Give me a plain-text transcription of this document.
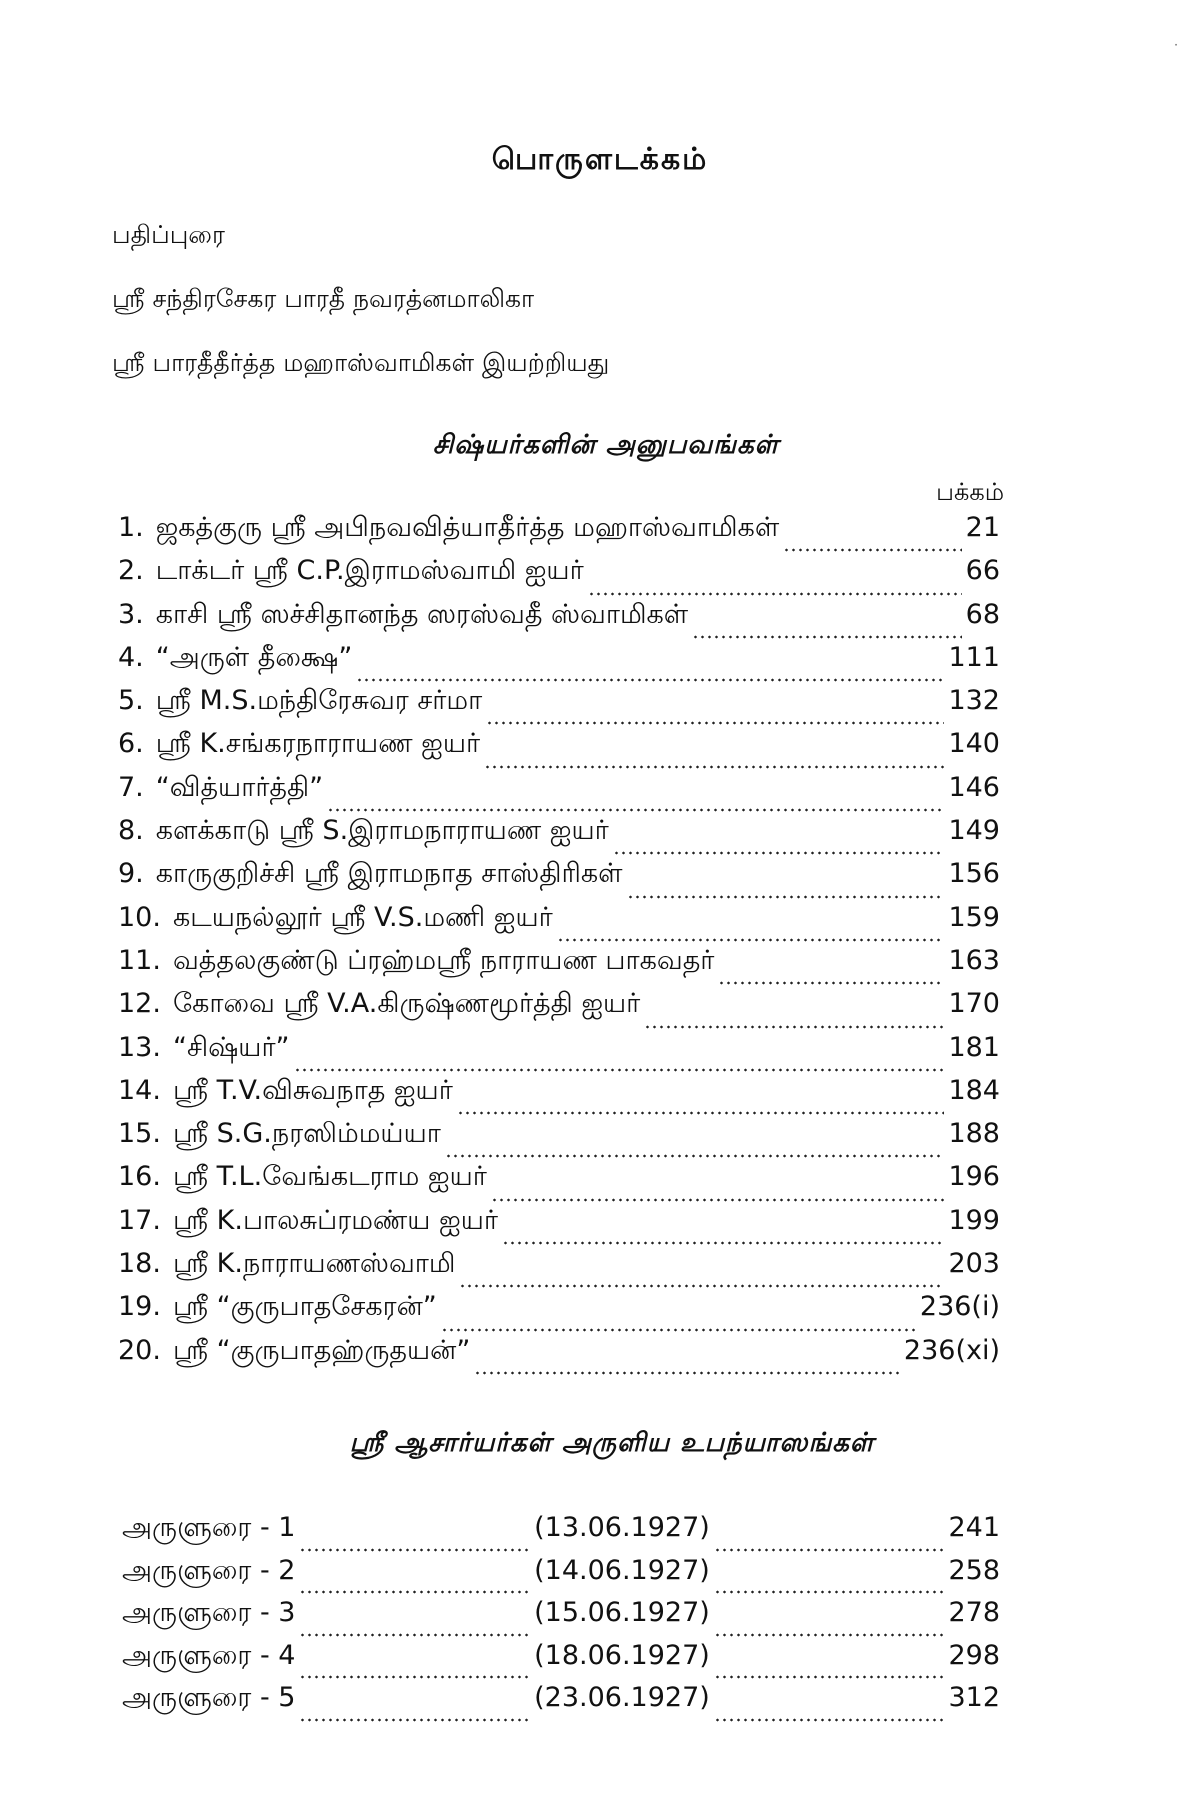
·
பொருளடக்கம்
பதிப்புரை
ஸ்ரீ சந்திரசேகர பாரதீ நவரத்னமாலிகா
ஸ்ரீ பாரதீதீர்த்த மஹாஸ்வாமிகள் இயற்றியது
சிஷ்யர்களின் அனுபவங்கள்
பக்கம்
1. ஜகத்குரு ஸ்ரீ அபிநவவித்யாதீர்த்த மஹாஸ்வாமிகள்	21
2. டாக்டர் ஸ்ரீ C.P.இராமஸ்வாமி ஐயர்	66
3. காசி ஸ்ரீ ஸச்சிதானந்த ஸரஸ்வதீ ஸ்வாமிகள்	68
4. “அருள் தீக்ஷை”	111
5. ஸ்ரீ M.S.மந்திரேசுவர சர்மா	132
6. ஸ்ரீ K.சங்கரநாராயண ஐயர்	140
7. “வித்யார்த்தி”	146
8. களக்காடு ஸ்ரீ S.இராமநாராயண ஐயர்	149
9. காருகுறிச்சி ஸ்ரீ இராமநாத சாஸ்திரிகள்	156
10. கடயநல்லூர் ஸ்ரீ V.S.மணி ஐயர்	159
11. வத்தலகுண்டு ப்ரஹ்மஸ்ரீ நாராயண பாகவதர்	163
12. கோவை ஸ்ரீ V.A.கிருஷ்ணமூர்த்தி ஐயர்	170
13. “சிஷ்யர்”	181
14. ஸ்ரீ T.V.விசுவநாத ஐயர்	184
15. ஸ்ரீ S.G.நரஸிம்மய்யா	188
16. ஸ்ரீ T.L.வேங்கடராம ஐயர்	196
17. ஸ்ரீ K.பாலசுப்ரமண்ய ஐயர்	199
18. ஸ்ரீ K.நாராயணஸ்வாமி	203
19. ஸ்ரீ “குருபாதசேகரன்”	236(i)
20. ஸ்ரீ “குருபாதஹ்ருதயன்”	236(xi)
ஸ்ரீ ஆசார்யர்கள் அருளிய உபந்யாஸங்கள்
அருளுரை - 1	(13.06.1927)	241
அருளுரை - 2	(14.06.1927)	258
அருளுரை - 3	(15.06.1927)	278
அருளுரை - 4	(18.06.1927)	298
அருளுரை - 5	(23.06.1927)	312
